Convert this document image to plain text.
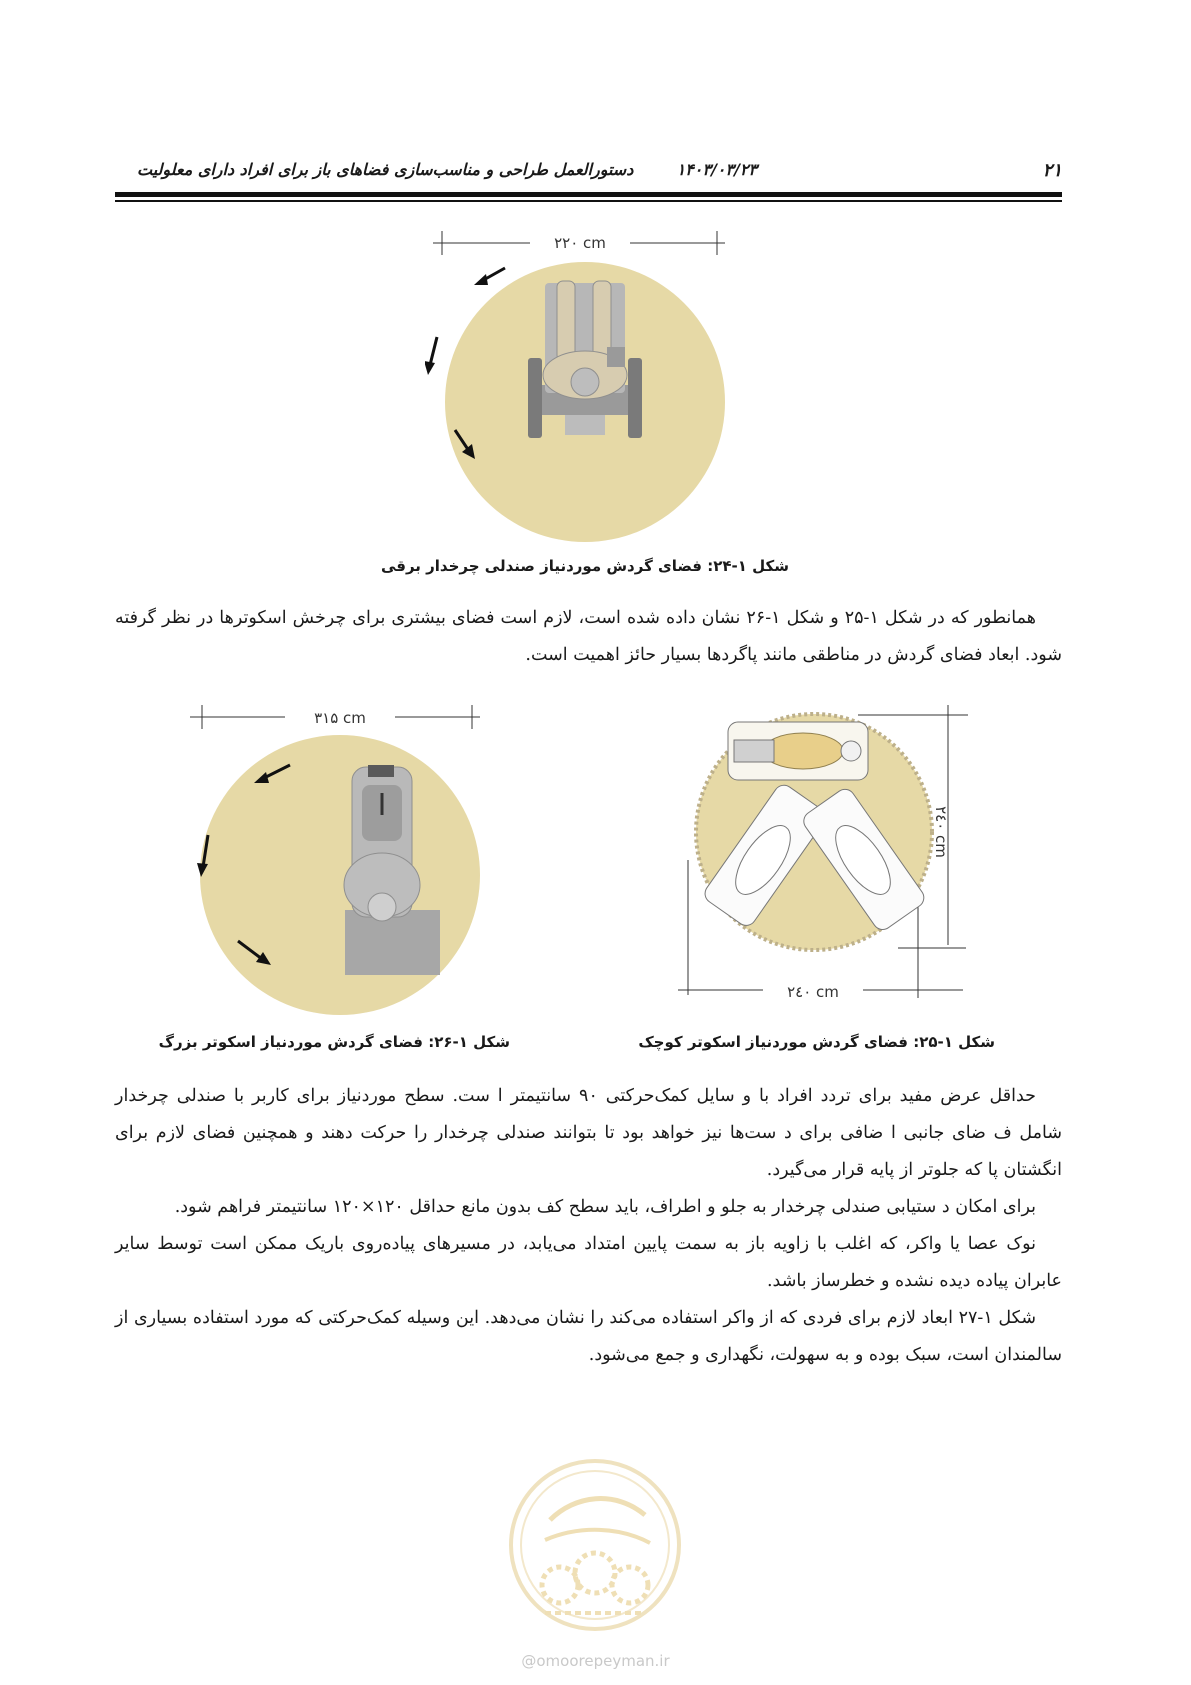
۲۱
۱۴۰۳/۰۳/۲۳
دستورالعمل طراحی و مناسب‌سازی فضاهای باز برای افراد دارای معلولیت
۲۲۰ cm
شکل ۱-۲۴: فضای گردش موردنیاز صندلی چرخدار برقی

همانطور که در شکل ۱-۲۵ و شکل ۱-۲۶ نشان داده شده است، لازم است فضای بیشتری برای چرخش اسکوترها در نظر گرفته شود. ابعاد فضای گردش در مناطقی مانند پاگردها بسیار حائز اهمیت است.

۲٤۰ cm
۲٤۰ cm
شکل ۱-۲۵: فضای گردش موردنیاز اسکوتر کوچک
۳۱۵ cm
شکل ۱-۲۶: فضای گردش موردنیاز اسکوتر بزرگ

حداقل عرض مفید برای تردد افراد با و سایل کمک‌حرکتی ۹۰ سانتیمتر ا ست. سطح موردنیاز برای کاربر با صندلی چرخدار شامل ف ضای جانبی ا ضافی برای د ست‌ها نیز خواهد بود تا بتوانند صندلی چرخدار را حرکت دهند و همچنین فضای لازم برای انگشتان پا که جلوتر از پایه قرار می‌گیرد.

برای امکان د ستیابی صندلی چرخدار به جلو و اطراف، باید سطح کف بدون مانع حداقل ۱۲۰×۱۲۰ سانتیمتر فراهم شود.

نوک عصا یا واکر، که اغلب با زاویه باز به سمت پایین امتداد می‌یابد، در مسیرهای پیاده‌روی باریک ممکن است توسط سایر عابران پیاده دیده نشده و خطرساز باشد.

شکل ۱-۲۷ ابعاد لازم برای فردی که از واکر استفاده می‌کند را نشان می‌دهد. این وسیله کمک‌حرکتی که مورد استفاده بسیاری از سالمندان است، سبک بوده و به سهولت، نگهداری و جمع می‌شود.

@omoorepeyman.ir
